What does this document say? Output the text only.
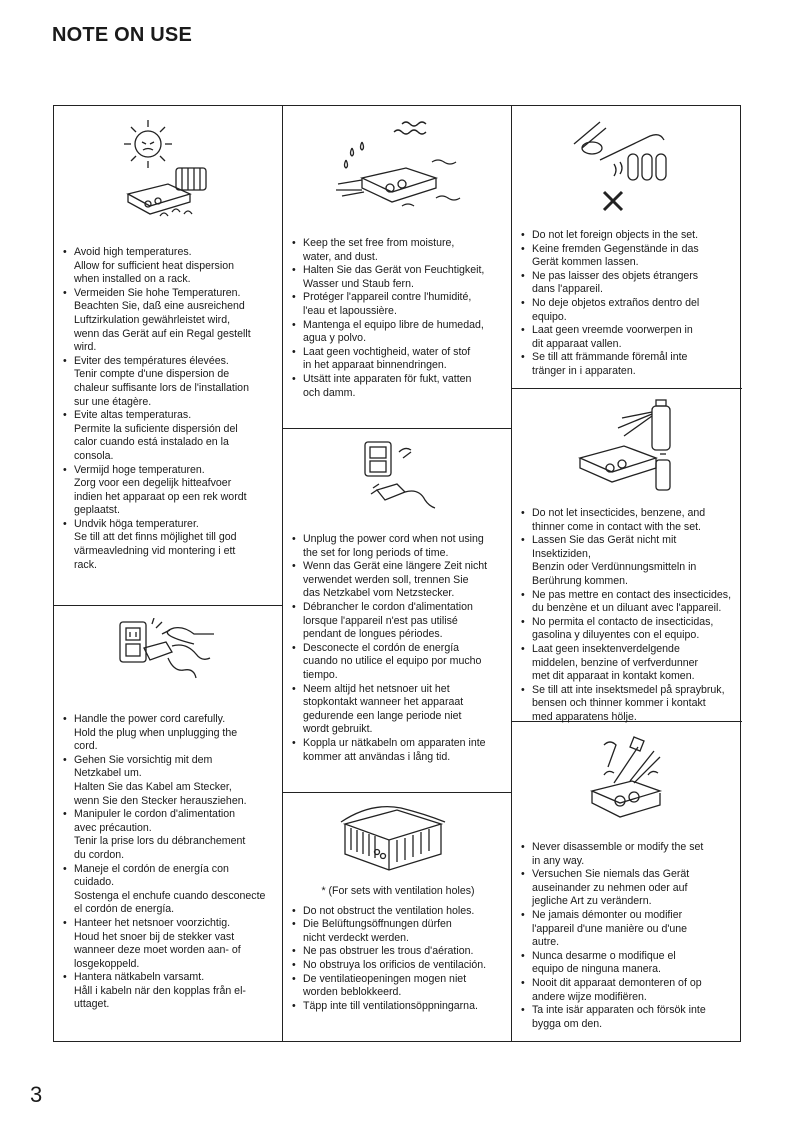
NOTE ON USE
• Avoid high temperatures.
Allow for sufficient heat dispersion
when installed on a rack.
• Vermeiden Sie hohe Temperaturen.
Beachten Sie, daß eine ausreichend
Luftzirkulation gewährleistet wird,
wenn das Gerät auf ein Regal gestellt
wird.
• Eviter des températures élevées.
Tenir compte d'une dispersion de
chaleur suffisante lors de l'installation
sur une étagère.
• Evite altas temperaturas.
Permite la suficiente dispersión del
calor cuando está instalado en la
consola.
• Vermijd hoge temperaturen.
Zorg voor een degelijk hitteafvoer
indien het apparaat op een rek wordt
geplaatst.
• Undvik höga temperaturer.
Se till att det finns möjlighet till god
värmeavledning vid montering i ett
rack.
• Handle the power cord carefully.
Hold the plug when unplugging the
cord.
• Gehen Sie vorsichtig mit dem
Netzkabel um.
Halten Sie das Kabel am Stecker,
wenn Sie den Stecker herausziehen.
• Manipuler le cordon d'alimentation
avec précaution.
Tenir la prise lors du débranchement
du cordon.
• Maneje el cordón de energía con
cuidado.
Sostenga el enchufe cuando desconecte
el cordón de energía.
• Hanteer het netsnoer voorzichtig.
Houd het snoer bij de stekker vast
wanneer deze moet worden aan- of
losgekoppeld.
• Hantera nätkabeln varsamt.
Håll i kabeln när den kopplas från el-
uttaget.
• Keep the set free from moisture,
water, and dust.
• Halten Sie das Gerät von Feuchtigkeit,
Wasser und Staub fern.
• Protéger l'appareil contre l'humidité,
l'eau et lapoussière.
• Mantenga el equipo libre de humedad,
agua y polvo.
• Laat geen vochtigheid, water of stof
in het apparaat binnendringen.
• Utsätt inte apparaten för fukt, vatten
och damm.
• Unplug the power cord when not using
the set for long periods of time.
• Wenn das Gerät eine längere Zeit nicht
verwendet werden soll, trennen Sie
das Netzkabel vom Netzstecker.
• Débrancher le cordon d'alimentation
lorsque l'appareil n'est pas utilisé
pendant de longues périodes.
• Desconecte el cordón de energía
cuando no utilice el equipo por mucho
tiempo.
• Neem altijd het netsnoer uit het
stopkontakt wanneer het apparaat
gedurende een lange periode niet
wordt gebruikt.
• Koppla ur nätkabeln om apparaten inte
kommer att användas i lång tid.
* (For sets with ventilation holes)
• Do not obstruct the ventilation holes.
• Die Belüftungsöffnungen dürfen
nicht verdeckt werden.
• Ne pas obstruer les trous d'aération.
• No obstruya los orificios de ventilación.
• De ventilatieopeningen mogen niet
worden beblokkeerd.
• Täpp inte till ventilationsöppningarna.
• Do not let foreign objects in the set.
• Keine fremden Gegenstände in das
Gerät kommen lassen.
• Ne pas laisser des objets étrangers
dans l'appareil.
• No deje objetos extraños dentro del
equipo.
• Laat geen vreemde voorwerpen in
dit apparaat vallen.
• Se till att främmande föremål inte
tränger in i apparaten.
• Do not let insecticides, benzene, and
thinner come in contact with the set.
• Lassen Sie das Gerät nicht mit Insektiziden,
Benzin oder Verdünnungsmitteln in
Berührung kommen.
• Ne pas mettre en contact des insecticides,
du benzène et un diluant avec l'appareil.
• No permita el contacto de insecticidas,
gasolina y diluyentes con el equipo.
• Laat geen insektenverdelgende
middelen, benzine of verfverdunner
met dit apparaat in kontakt komen.
• Se till att inte insektsmedel på spraybruk,
bensen och thinner kommer i kontakt
med apparatens hölje.
• Never disassemble or modify the set
in any way.
• Versuchen Sie niemals das Gerät
auseinander zu nehmen oder auf
jegliche Art zu verändern.
• Ne jamais démonter ou modifier
l'appareil d'une manière ou d'une
autre.
• Nunca desarme o modifique el
equipo de ninguna manera.
• Nooit dit apparaat demonteren of op
andere wijze modifiëren.
• Ta inte isär apparaten och försök inte
bygga om den.
3
